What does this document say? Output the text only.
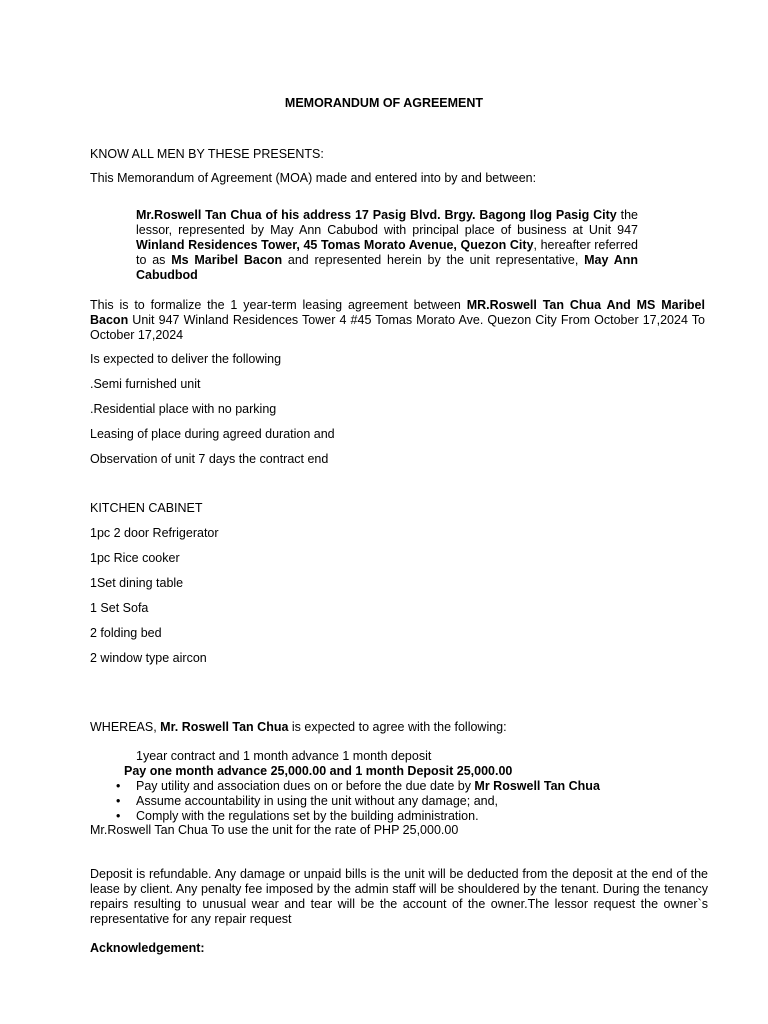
MEMORANDUM OF AGREEMENT
KNOW ALL MEN BY THESE PRESENTS:
This Memorandum of Agreement (MOA) made and entered into by and between:
Mr.Roswell Tan Chua of his address 17 Pasig Blvd. Brgy. Bagong Ilog Pasig City the lessor, represented by May Ann Cabubod with principal place of business at Unit 947 Winland Residences Tower, 45 Tomas Morato Avenue, Quezon City, hereafter referred to as Ms Maribel Bacon and represented herein by the unit representative, May Ann Cabudbod
This is to formalize the 1 year-term leasing agreement between MR.Roswell Tan Chua And MS Maribel Bacon Unit 947 Winland Residences Tower 4 #45 Tomas Morato Ave. Quezon City From October 17,2024 To October 17,2024
Is expected to deliver the following
.Semi furnished unit
.Residential place with no parking
Leasing of place during agreed duration and
Observation of unit 7 days the contract end
KITCHEN CABINET
1pc 2 door Refrigerator
1pc Rice cooker
1Set dining table
1 Set Sofa
2 folding bed
2 window type aircon
WHEREAS, Mr. Roswell Tan Chua is expected to agree with the following:
1year contract and 1 month advance 1 month deposit
Pay one month advance 25,000.00 and 1 month Deposit 25,000.00
• Pay utility and association dues on or before the due date by Mr Roswell Tan Chua
• Assume accountability in using the unit without any damage; and,
• Comply with the regulations set by the building administration.
Mr.Roswell Tan Chua To use the unit for the rate of PHP 25,000.00
Deposit is refundable. Any damage or unpaid bills is the unit will be deducted from the deposit at the end of the lease by client. Any penalty fee imposed by the admin staff will be shouldered by the tenant. During the tenancy repairs resulting to unusual wear and tear will be the account of the owner.The lessor request the owner`s representative for any repair request
Acknowledgement:
